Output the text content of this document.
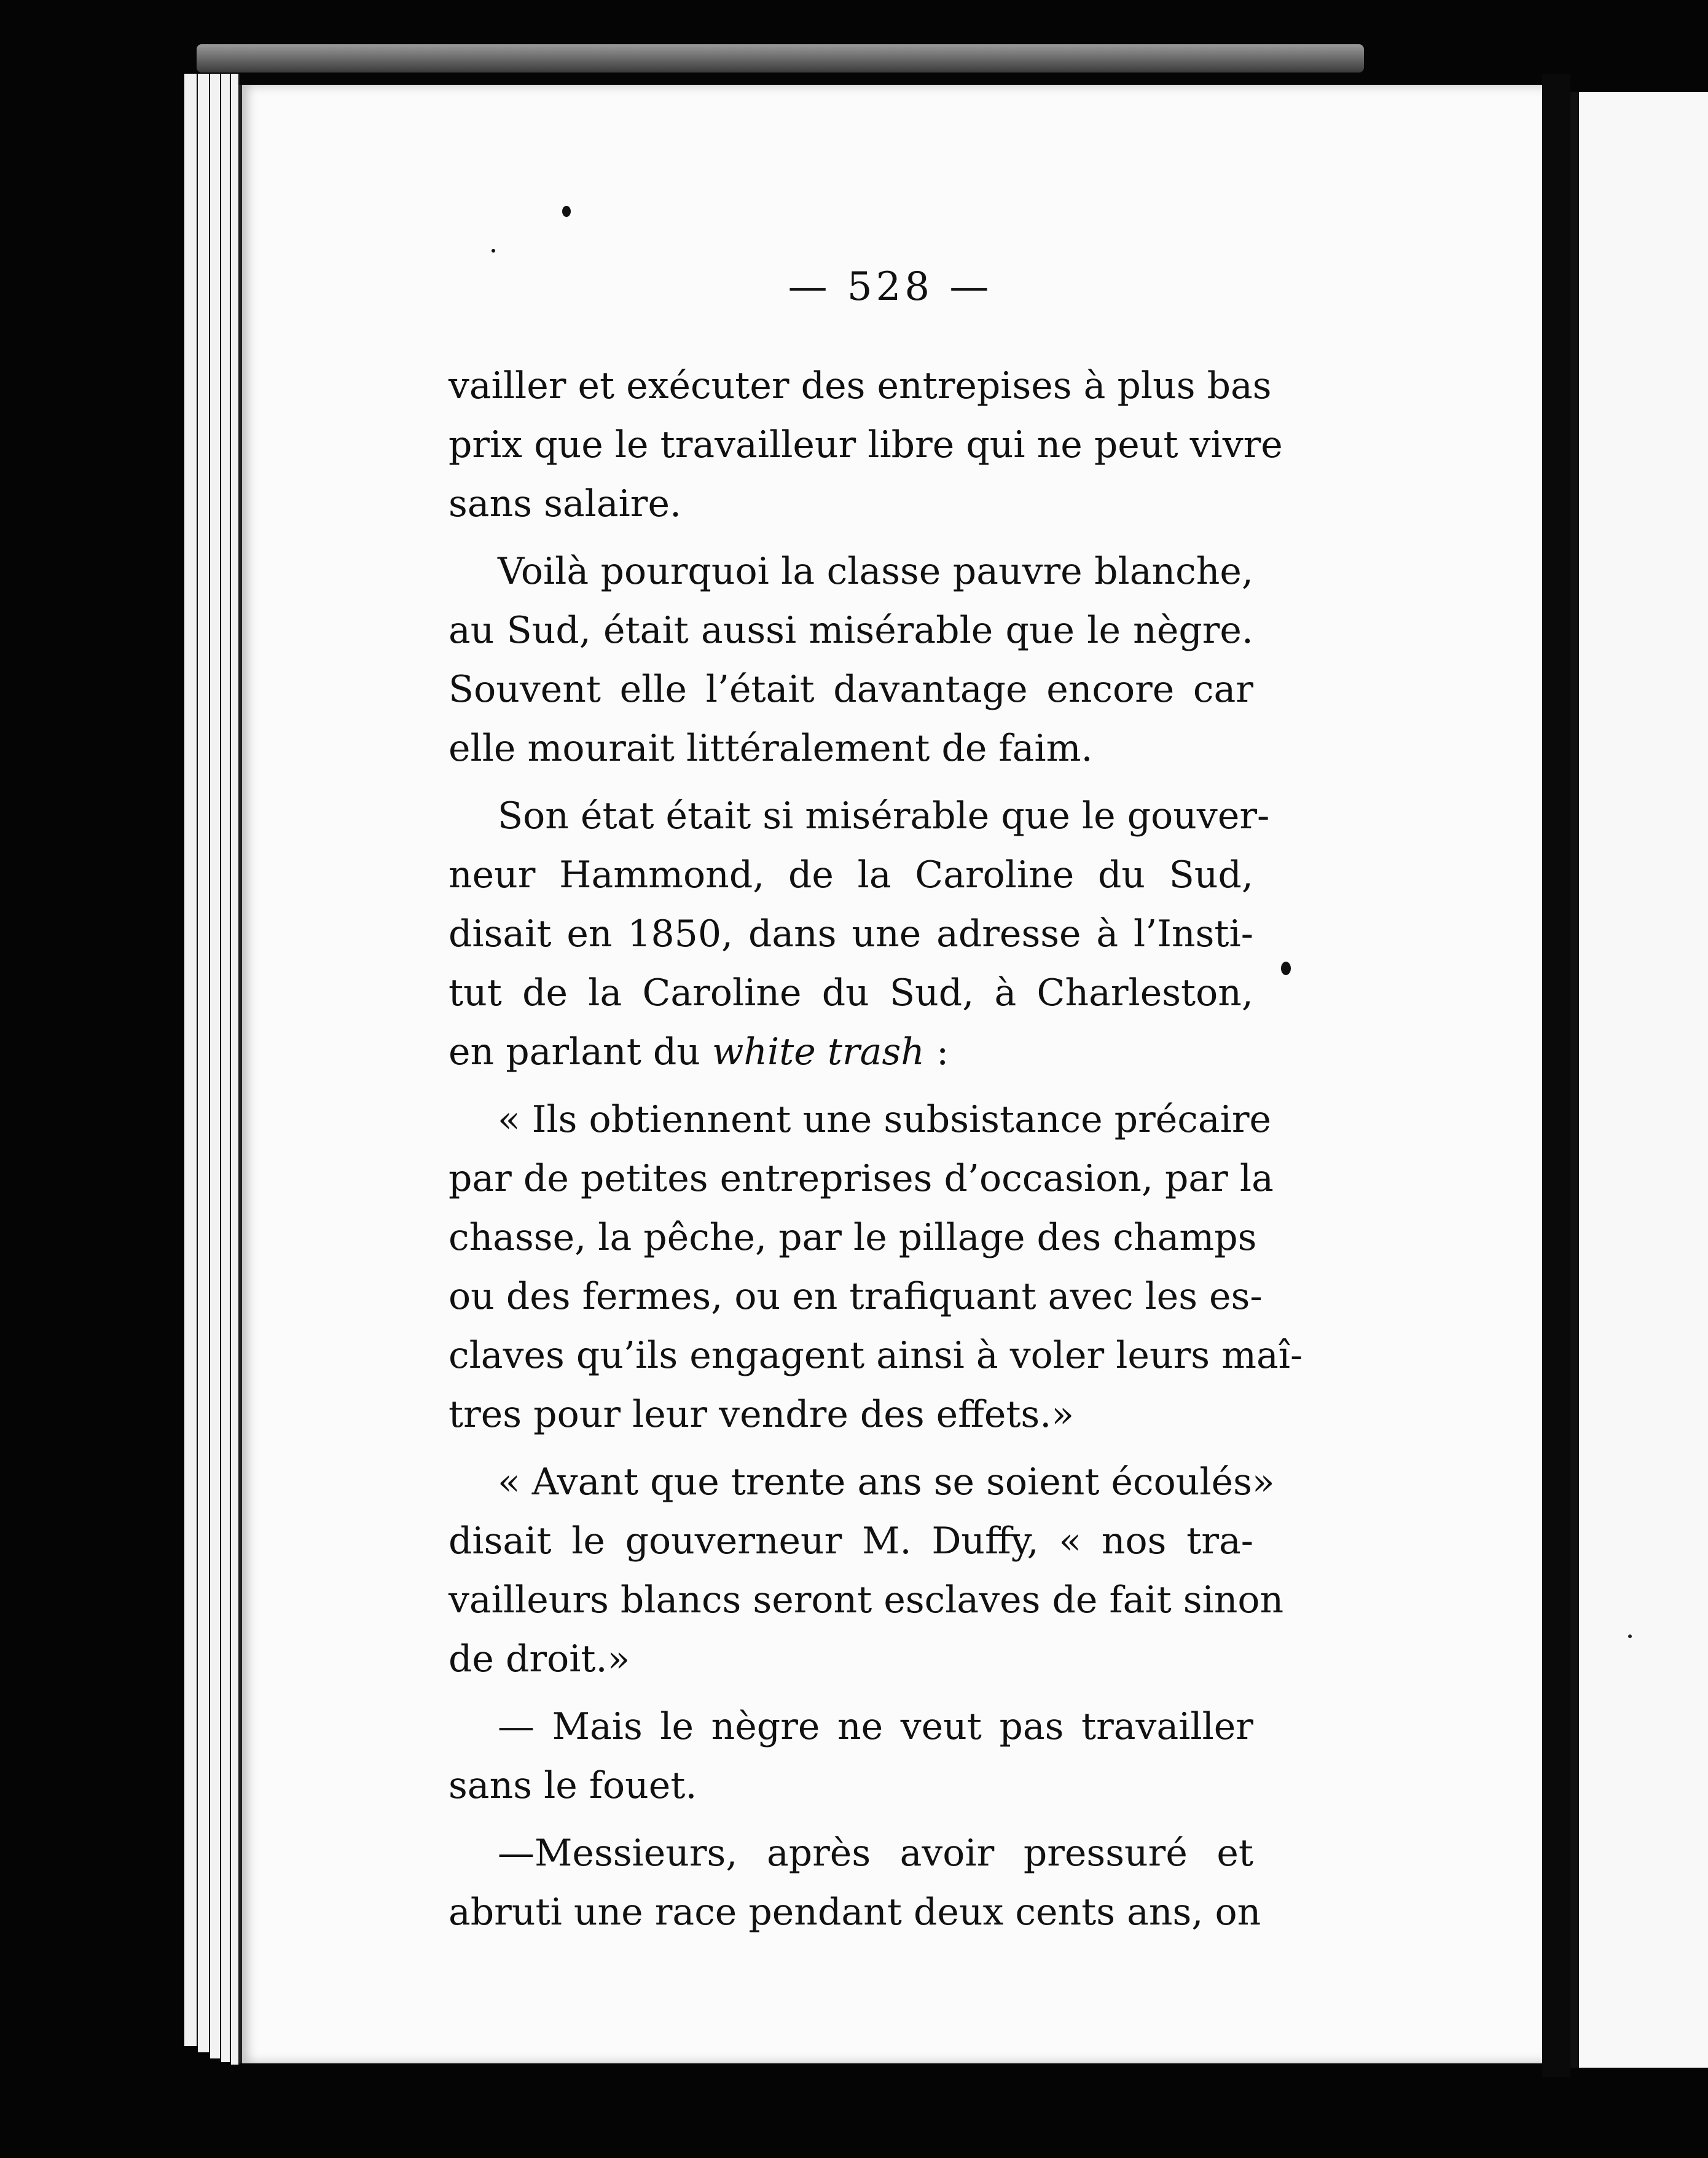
— 528 —
vailler et exécuter des entrepises à plus bas
prix que le travailleur libre qui ne peut vivre
sans salaire.
Voilà pourquoi la classe pauvre blanche,
au Sud, était aussi misérable que le nègre.
Souvent elle l’était davantage encore car
elle mourait littéralement de faim.
Son état était si misérable que le gouver-
neur Hammond, de la Caroline du Sud,
disait en 1850, dans une adresse à l’Insti-
tut de la Caroline du Sud, à Charleston,
en parlant du white trash :
« Ils obtiennent une subsistance précaire
par de petites entreprises d’occasion, par la
chasse, la pêche, par le pillage des champs
ou des fermes, ou en trafiquant avec les es-
claves qu’ils engagent ainsi à voler leurs maî-
tres pour leur vendre des effets.»
« Avant que trente ans se soient écoulés»
disait le gouverneur M. Duffy, « nos tra-
vailleurs blancs seront esclaves de fait sinon
de droit.»
— Mais le nègre ne veut pas travailler
sans le fouet.
—Messieurs, après avoir pressuré et
abruti une race pendant deux cents ans, on
